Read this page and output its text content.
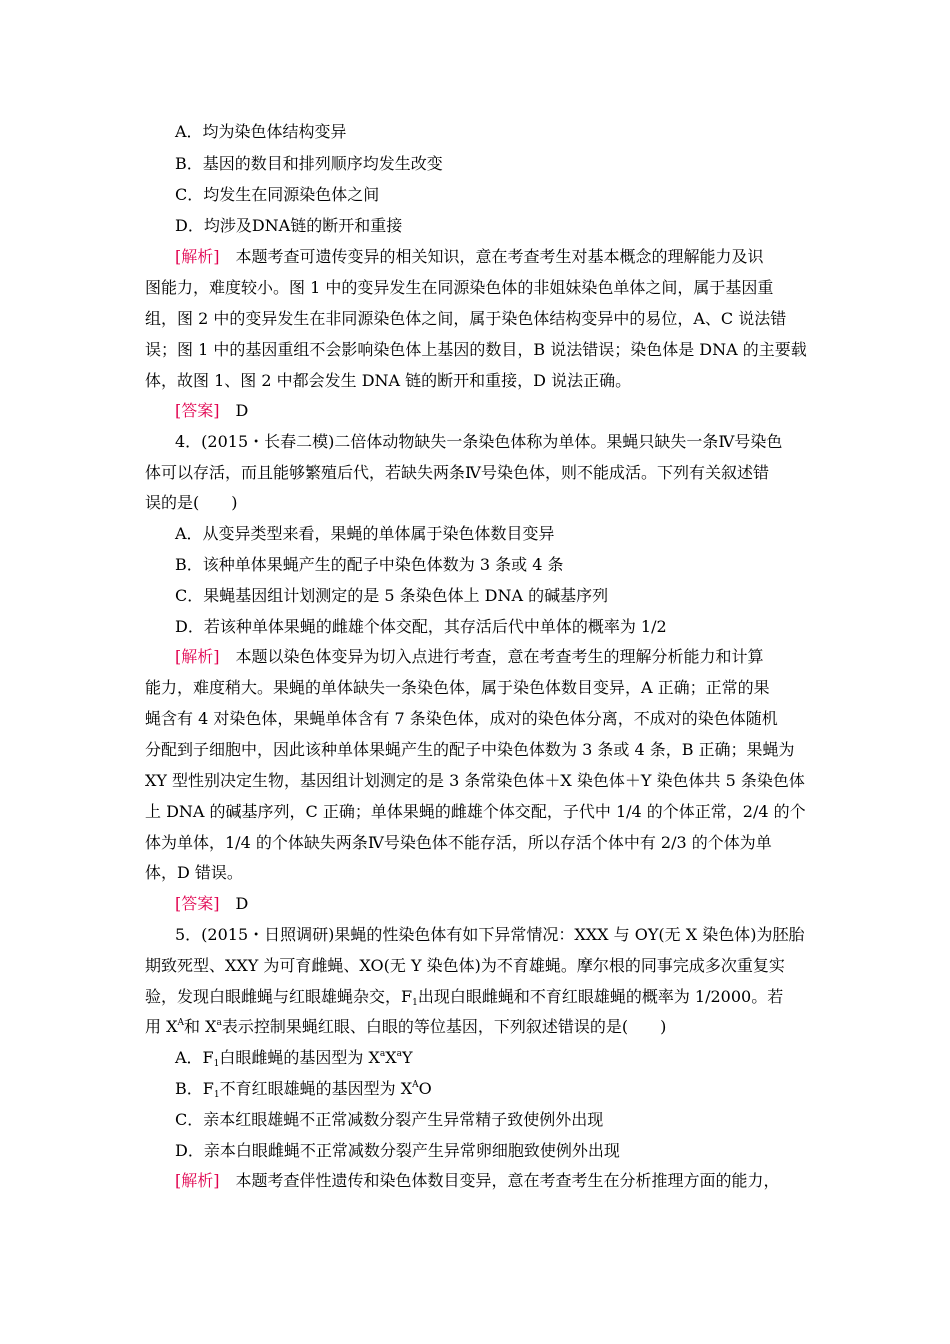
A．均为染色体结构变异
B．基因的数目和排列顺序均发生改变
C．均发生在同源染色体之间
D．均涉及DNA链的断开和重接
[解析]　本题考查可遗传变异的相关知识，意在考查考生对基本概念的理解能力及识
图能力，难度较小。图 1 中的变异发生在同源染色体的非姐妹染色单体之间，属于基因重
组，图 2 中的变异发生在非同源染色体之间，属于染色体结构变异中的易位，A、C 说法错
误；图 1 中的基因重组不会影响染色体上基因的数目，B 说法错误；染色体是 DNA 的主要载
体，故图 1、图 2 中都会发生 DNA 链的断开和重接，D 说法正确。
[答案]　D
4．(2015・长春二模)二倍体动物缺失一条染色体称为单体。果蝇只缺失一条Ⅳ号染色
体可以存活，而且能够繁殖后代，若缺失两条Ⅳ号染色体，则不能成活。下列有关叙述错
误的是(　　)
A．从变异类型来看，果蝇的单体属于染色体数目变异
B．该种单体果蝇产生的配子中染色体数为 3 条或 4 条
C．果蝇基因组计划测定的是 5 条染色体上 DNA 的碱基序列
D．若该种单体果蝇的雌雄个体交配，其存活后代中单体的概率为 1/2
[解析]　本题以染色体变异为切入点进行考查，意在考查考生的理解分析能力和计算
能力，难度稍大。果蝇的单体缺失一条染色体，属于染色体数目变异，A 正确；正常的果
蝇含有 4 对染色体，果蝇单体含有 7 条染色体，成对的染色体分离，不成对的染色体随机
分配到子细胞中，因此该种单体果蝇产生的配子中染色体数为 3 条或 4 条，B 正确；果蝇为
XY 型性别决定生物，基因组计划测定的是 3 条常染色体＋X 染色体＋Y 染色体共 5 条染色体
上 DNA 的碱基序列，C 正确；单体果蝇的雌雄个体交配，子代中 1/4 的个体正常，2/4 的个
体为单体，1/4 的个体缺失两条Ⅳ号染色体不能存活，所以存活个体中有 2/3 的个体为单
体，D 错误。
[答案]　D
5．(2015・日照调研)果蝇的性染色体有如下异常情况：XXX 与 OY(无 X 染色体)为胚胎
期致死型、XXY 为可育雌蝇、XO(无 Y 染色体)为不育雄蝇。摩尔根的同事完成多次重复实
验，发现白眼雌蝇与红眼雄蝇杂交，$F_1$出现白眼雌蝇和不育红眼雄蝇的概率为 1/2000。若
用 $X^A$和 $X^a$表示控制果蝇红眼、白眼的等位基因，下列叙述错误的是(　　)
A．$F_1$白眼雌蝇的基因型为 $X^aX^aY$
B．$F_1$不育红眼雄蝇的基因型为 $X^AO$
C．亲本红眼雄蝇不正常减数分裂产生异常精子致使例外出现
D．亲本白眼雌蝇不正常减数分裂产生异常卵细胞致使例外出现
[解析]　本题考查伴性遗传和染色体数目变异，意在考查考生在分析推理方面的能力，
